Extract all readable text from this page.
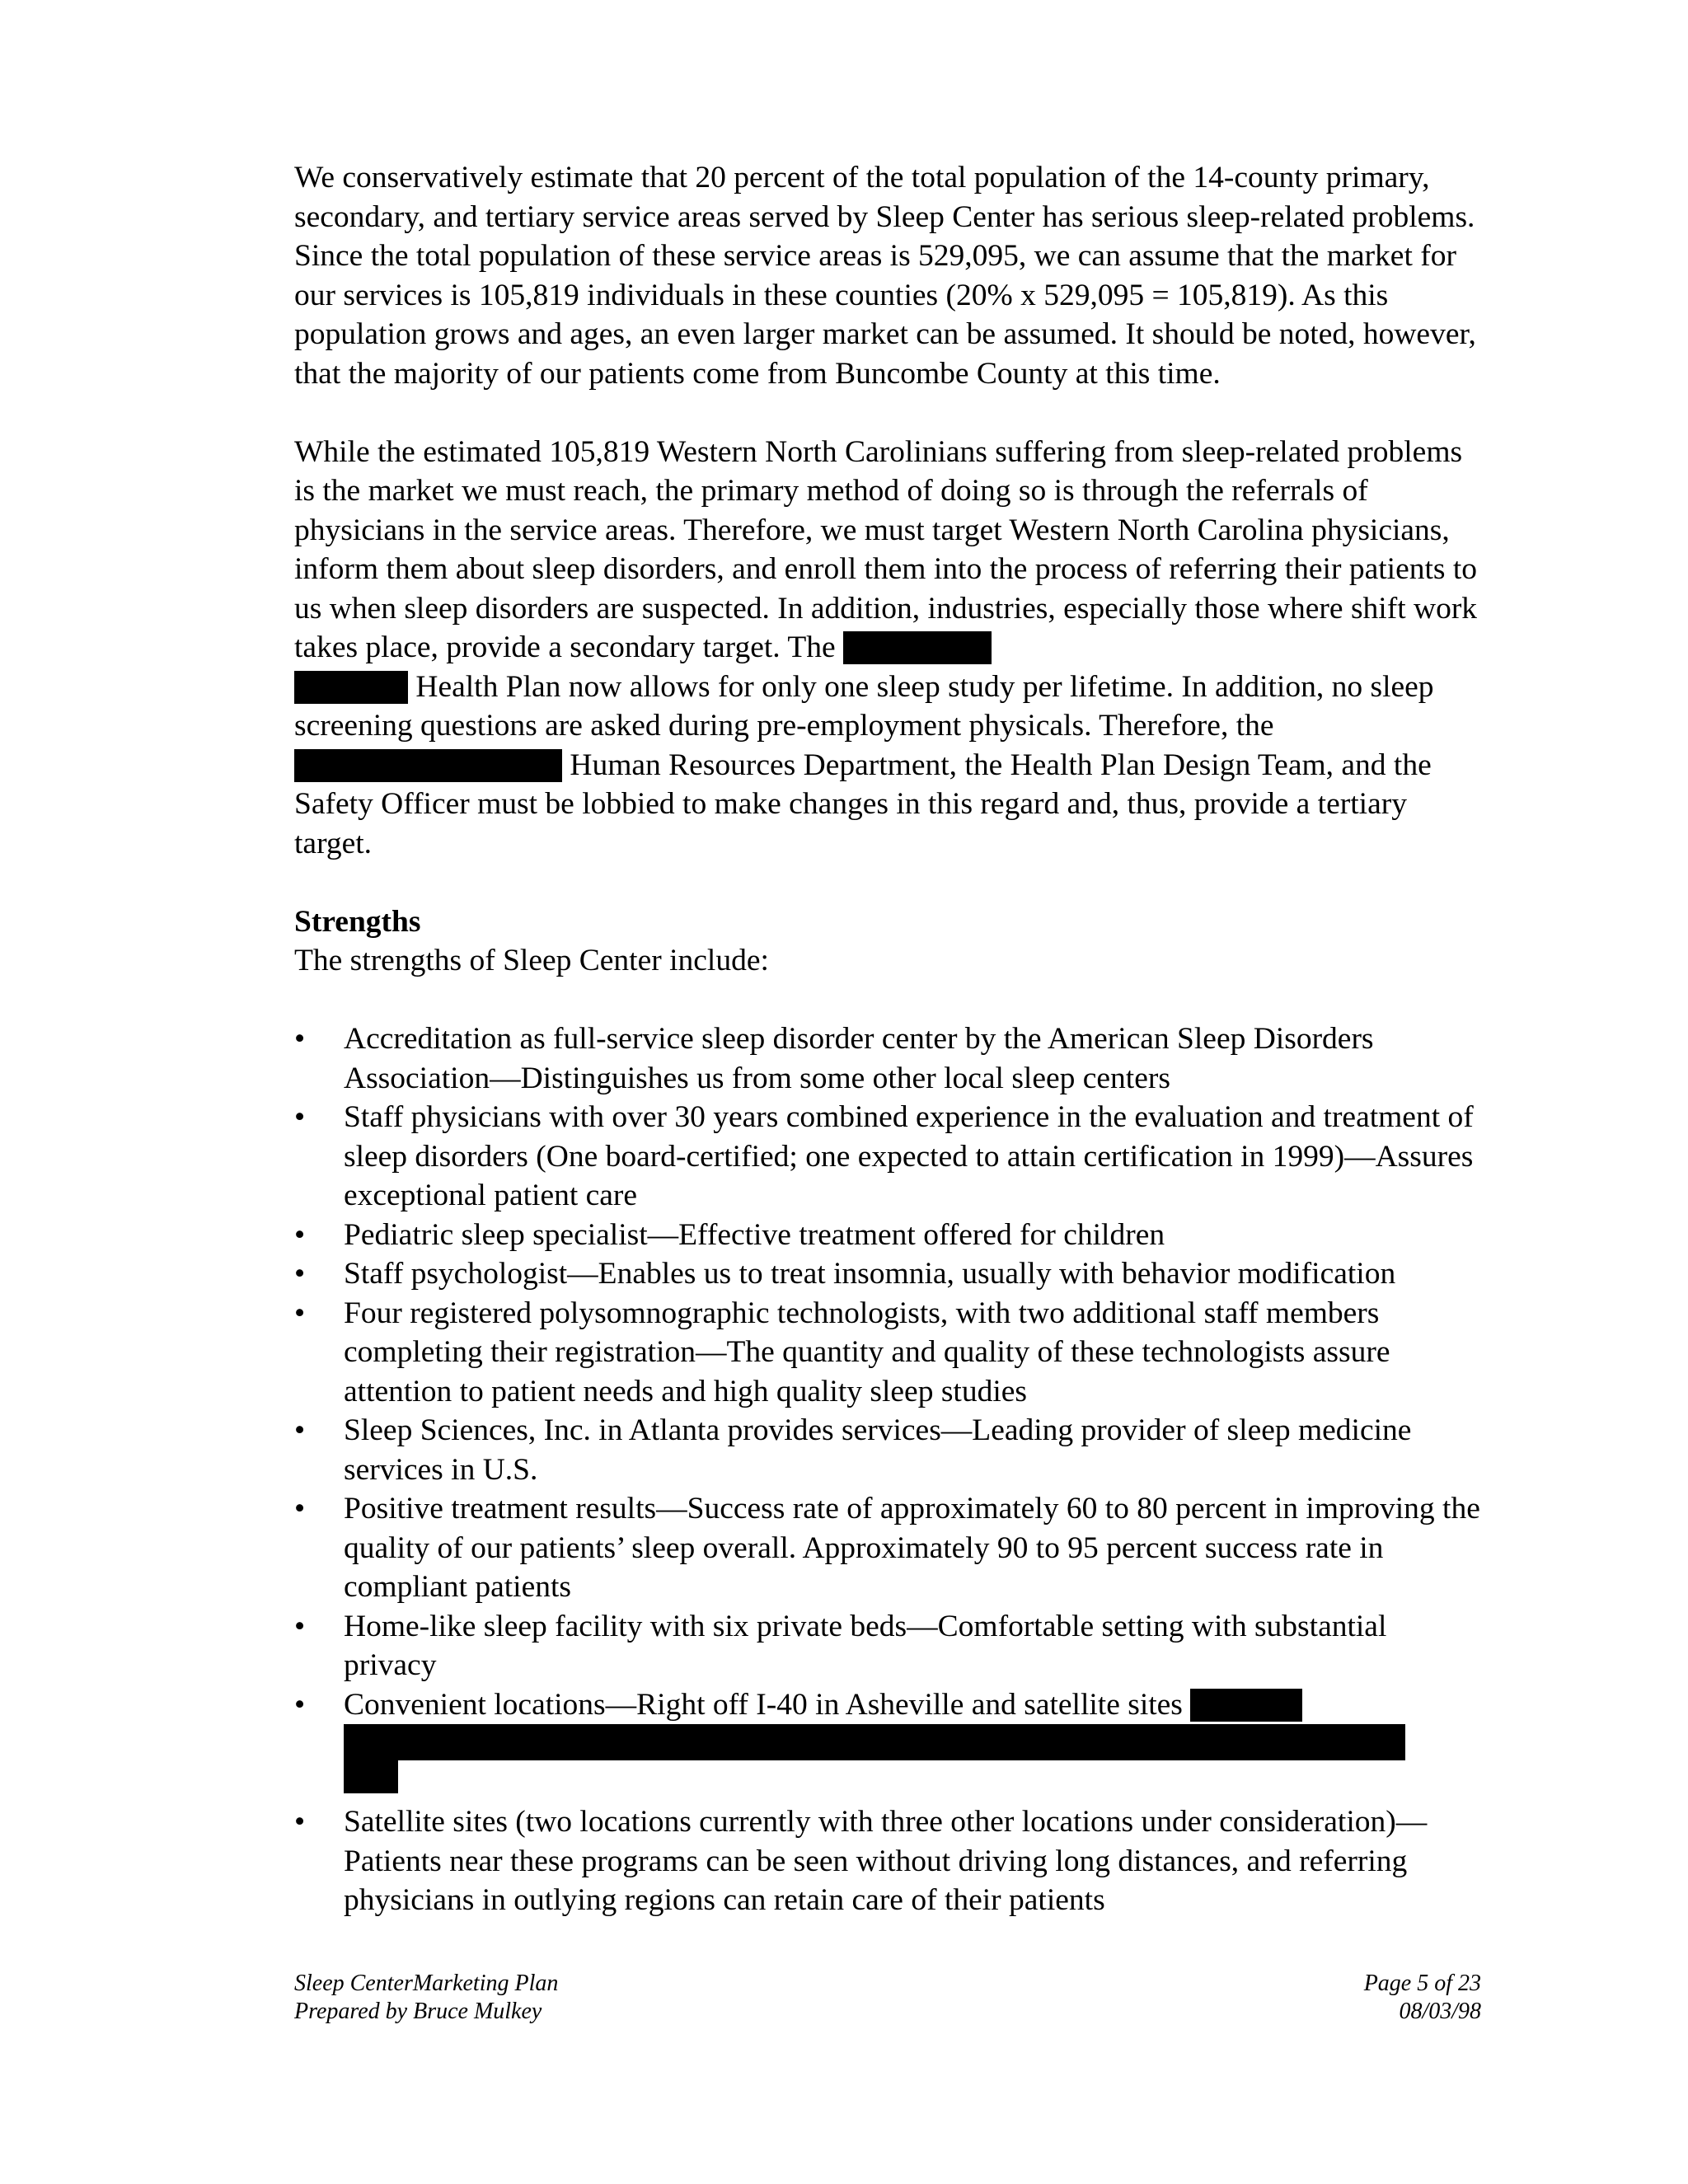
We conservatively estimate that 20 percent of the total population of the 14-county primary, secondary, and tertiary service areas served by Sleep Center has serious sleep-related problems. Since the total population of these service areas is 529,095, we can assume that the market for our services is 105,819 individuals in these counties (20% x 529,095 = 105,819). As this population grows and ages, an even larger market can be assumed. It should be noted, however, that the majority of our patients come from Buncombe County at this time.

While the estimated 105,819 Western North Carolinians suffering from sleep-related problems is the market we must reach, the primary method of doing so is through the referrals of physicians in the service areas. Therefore, we must target Western North Carolina physicians, inform them about sleep disorders, and enroll them into the process of referring their patients to us when sleep disorders are suspected. In addition, industries, especially those where shift work takes place, provide a secondary target. The
Health Plan now allows for only one sleep study per lifetime. In addition, no sleep screening questions are asked during pre-employment physicals. Therefore, the  Human Resources Department, the Health Plan Design Team, and the Safety Officer must be lobbied to make changes in this regard and, thus, provide a tertiary target.

Strengths

The strengths of Sleep Center include:

• Accreditation as full-service sleep disorder center by the American Sleep Disorders Association—Distinguishes us from some other local sleep centers
• Staff physicians with over 30 years combined experience in the evaluation and treatment of sleep disorders (One board-certified; one expected to attain certification in 1999)—Assures exceptional patient care
• Pediatric sleep specialist—Effective treatment offered for children
• Staff psychologist—Enables us to treat insomnia, usually with behavior modification
• Four registered polysomnographic technologists, with two additional staff members completing their registration—The quantity and quality of these technologists assure attention to patient needs and high quality sleep studies
• Sleep Sciences, Inc. in Atlanta provides services—Leading provider of sleep medicine services in U.S.
• Positive treatment results—Success rate of approximately 60 to 80 percent in improving the quality of our patients’ sleep overall. Approximately 90 to 95 percent success rate in compliant patients
• Home-like sleep facility with six private beds—Comfortable setting with substantial privacy
• Convenient locations—Right off I-40 in Asheville and satellite sites
• Satellite sites (two locations currently with three other locations under consideration)—Patients near these programs can be seen without driving long distances, and referring physicians in outlying regions can retain care of their patients
Sleep CenterMarketing Plan	Page 5 of 23
Prepared by Bruce Mulkey	08/03/98
